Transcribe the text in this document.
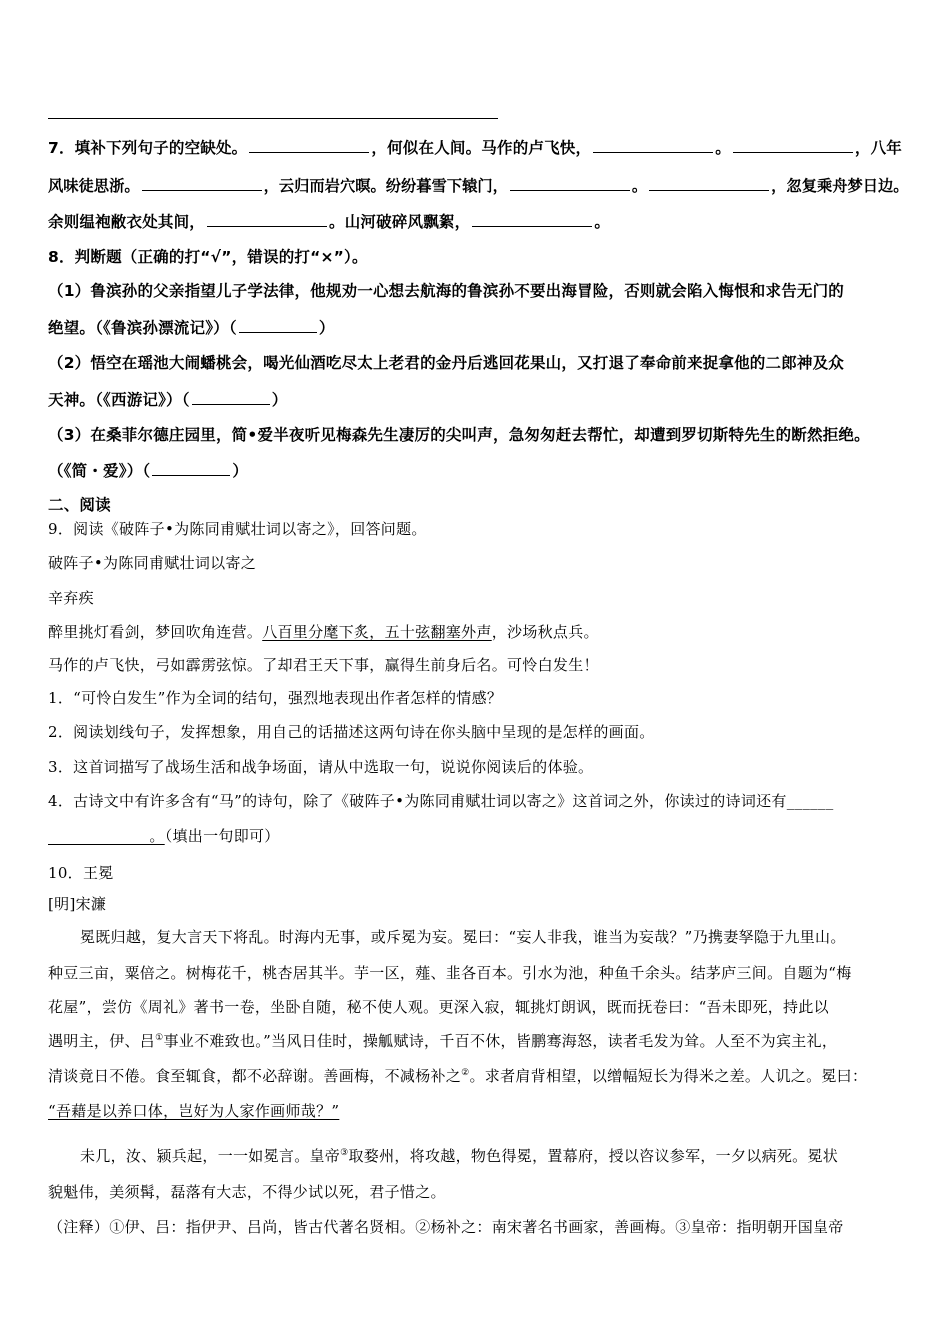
7．填补下列句子的空缺处。	，何似在人间。马作的卢飞快，	。	，八年
风味徒思浙。	，云归而岩穴暝。纷纷暮雪下辕门，	。	，忽复乘舟梦日边。
余则缊袍敝衣处其间，	。山河破碎风飘絮，	。
8．判断题（正确的打“√”，错误的打“×”）。
（1）鲁滨孙的父亲指望儿子学法律，他规劝一心想去航海的鲁滨孙不要出海冒险，否则就会陷入悔恨和求告无门的
绝望。（《鲁滨孙漂流记》）（	）
（2）悟空在瑶池大闹蟠桃会，喝光仙酒吃尽太上老君的金丹后逃回花果山，又打退了奉命前来捉拿他的二郎神及众
天神。（《西游记》）（	）
（3）在桑菲尔德庄园里，简•爱半夜听见梅森先生凄厉的尖叫声，急匆匆赶去帮忙，却遭到罗切斯特先生的断然拒绝。
（《简・爱》）（	）
二、阅读
9．阅读《破阵子•为陈同甫赋壮词以寄之》，回答问题。
破阵子•为陈同甫赋壮词以寄之
辛弃疾
醉里挑灯看剑，梦回吹角连营。八百里分麾下炙，五十弦翻塞外声，沙场秋点兵。
马作的卢飞快，弓如霹雳弦惊。了却君王天下事，赢得生前身后名。可怜白发生！
1．“可怜白发生”作为全词的结句，强烈地表现出作者怎样的情感？
2．阅读划线句子，发挥想象，用自己的话描述这两句诗在你头脑中呈现的是怎样的画面。
3．这首词描写了战场生活和战争场面，请从中选取一句，说说你阅读后的体验。
4．古诗文中有许多含有“马”的诗句，除了《破阵子•为陈同甫赋壮词以寄之》这首词之外，你读过的诗词还有______
_____________。（填出一句即可）
10．王冕
[明]宋濂
冕既归越，复大言天下将乱。时海内无事，或斥冕为妄。冕曰：“妄人非我，谁当为妄哉？”乃携妻孥隐于九里山。
种豆三亩，粟倍之。树梅花千，桃杏居其半。芋一区，薤、韭各百本。引水为池，种鱼千余头。结茅庐三间。自题为“梅
花屋”，尝仿《周礼》著书一卷，坐卧自随，秘不使人观。更深入寂，辄挑灯朗讽，既而抚卷曰：“吾未即死，持此以
遇明主，伊、吕①事业不难致也。”当风日佳时，操觚赋诗，千百不休，皆鹏骞海怒，读者毛发为耸。人至不为宾主礼，
清谈竟日不倦。食至辄食，都不必辞谢。善画梅，不减杨补之②。求者肩背相望，以缯幅短长为得米之差。人讥之。冕曰：
“吾藉是以养口体，岂好为人家作画师哉？”
未几，汝、颍兵起，一一如冕言。皇帝③取婺州，将攻越，物色得冕，置幕府，授以咨议参军，一夕以病死。冕状
貌魁伟，美须髯，磊落有大志，不得少试以死，君子惜之。
（注释）①伊、吕：指伊尹、吕尚，皆古代著名贤相。②杨补之：南宋著名书画家，善画梅。③皇帝：指明朝开国皇帝
